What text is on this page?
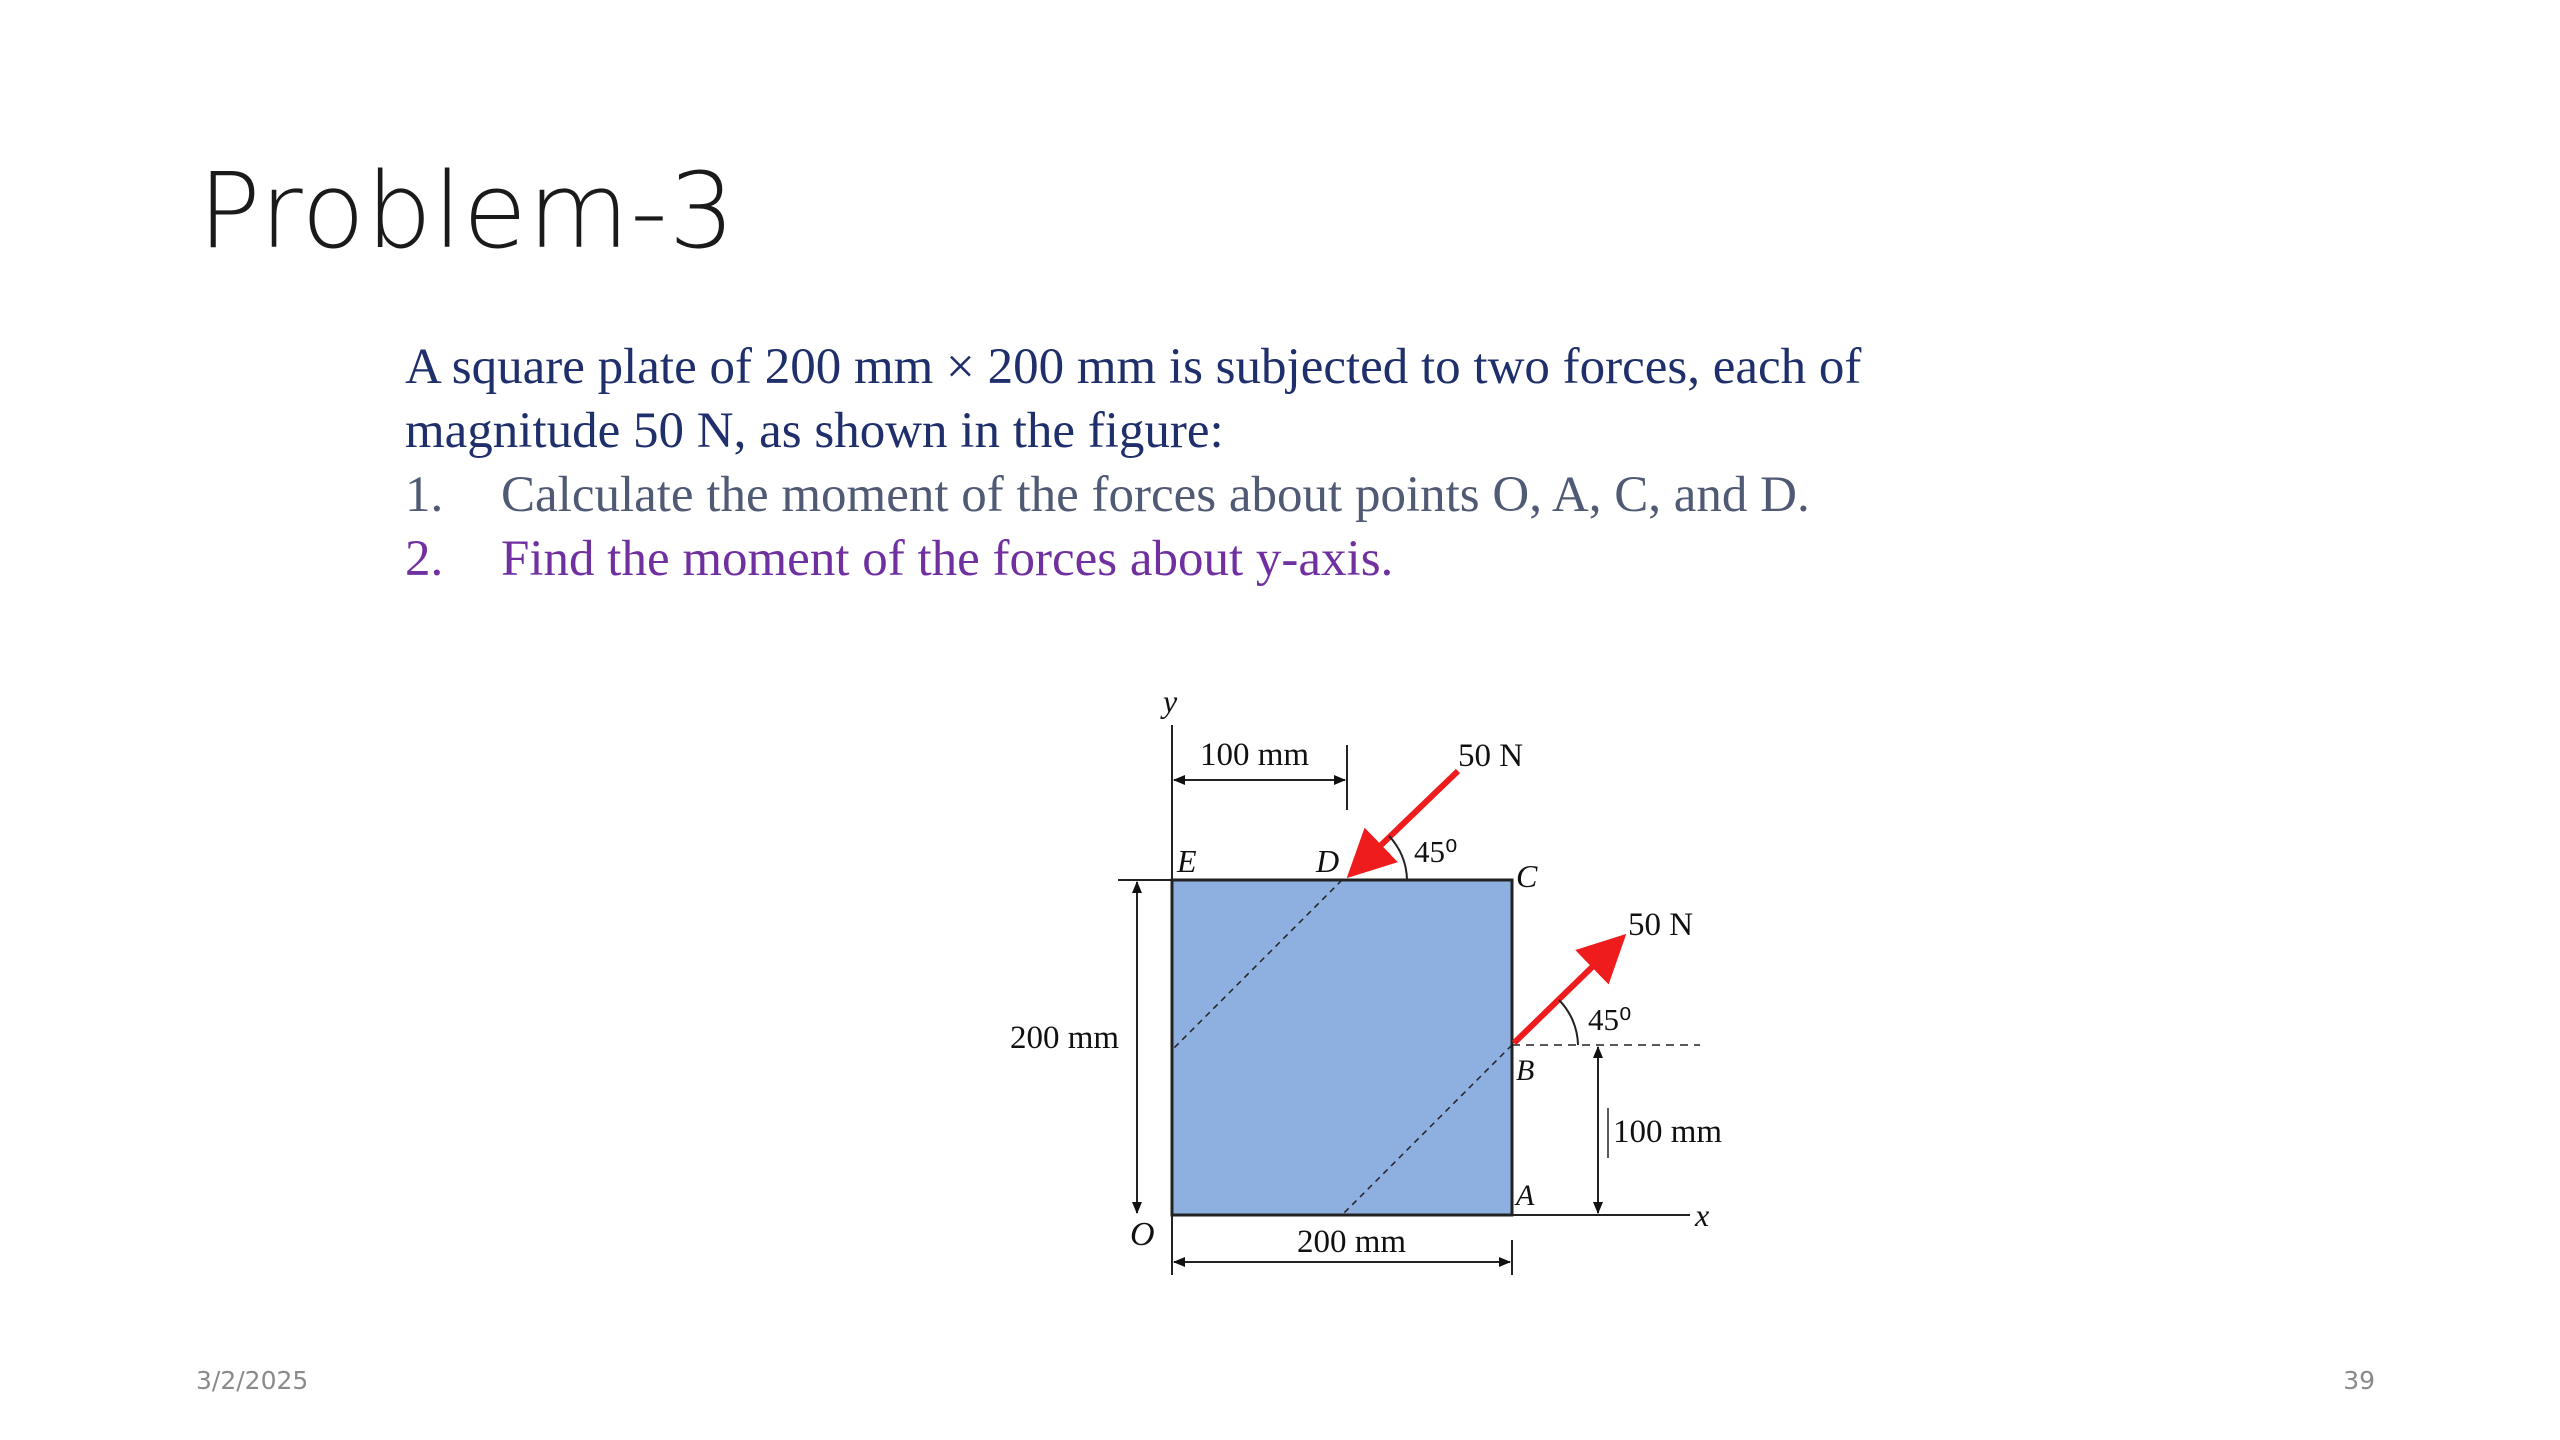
Problem-3
A square plate of 200 mm × 200 mm is subjected to two forces, each of
magnitude 50 N, as shown in the figure:
1.	Calculate the moment of the forces about points O, A, C, and D.
2.	Find the moment of the forces about y-axis.
y
x
O
A
B
C
D
E
100 mm
200 mm
200 mm
100 mm
50 N
45⁰
50 N
45⁰
3/2/2025	39
